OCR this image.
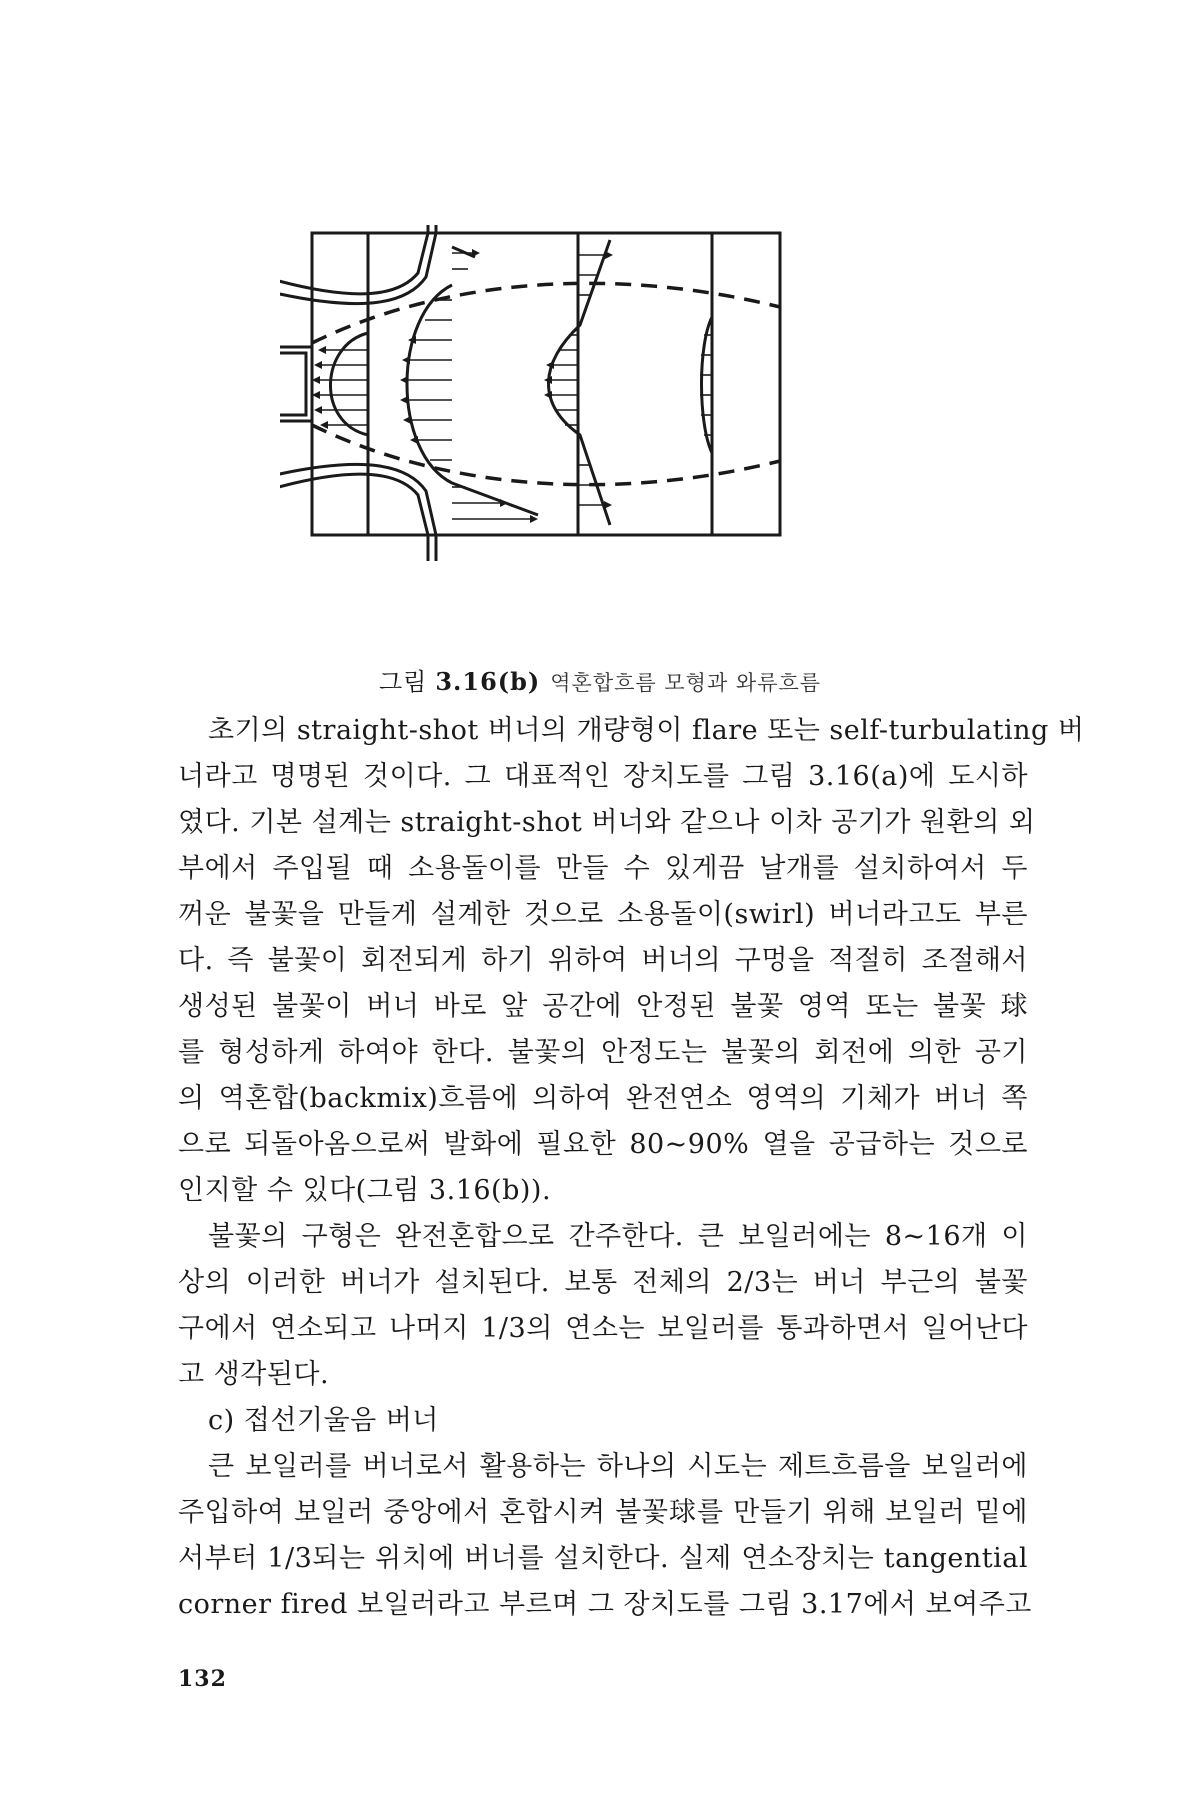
그림 3.16(b) 역혼합흐름 모형과 와류흐름
초기의 straight-shot 버너의 개량형이 flare 또는 self-turbulating 버
너라고 명명된 것이다. 그 대표적인 장치도를 그림 3.16(a)에 도시하
였다. 기본 설계는 straight-shot 버너와 같으나 이차 공기가 원환의 외
부에서 주입될 때 소용돌이를 만들 수 있게끔 날개를 설치하여서 두
꺼운 불꽃을 만들게 설계한 것으로 소용돌이(swirl) 버너라고도 부른
다. 즉 불꽃이 회전되게 하기 위하여 버너의 구멍을 적절히 조절해서
생성된 불꽃이 버너 바로 앞 공간에 안정된 불꽃 영역 또는 불꽃 球
를 형성하게 하여야 한다. 불꽃의 안정도는 불꽃의 회전에 의한 공기
의 역혼합(backmix)흐름에 의하여 완전연소 영역의 기체가 버너 쪽
으로 되돌아옴으로써 발화에 필요한 80~90% 열을 공급하는 것으로
인지할 수 있다(그림 3.16(b)).
불꽃의 구형은 완전혼합으로 간주한다. 큰 보일러에는 8~16개 이
상의 이러한 버너가 설치된다. 보통 전체의 2/3는 버너 부근의 불꽃
구에서 연소되고 나머지 1/3의 연소는 보일러를 통과하면서 일어난다
고 생각된다.
c) 접선기울음 버너
큰 보일러를 버너로서 활용하는 하나의 시도는 제트흐름을 보일러에
주입하여 보일러 중앙에서 혼합시켜 불꽃球를 만들기 위해 보일러 밑에
서부터 1/3되는 위치에 버너를 설치한다. 실제 연소장치는 tangential
corner fired 보일러라고 부르며 그 장치도를 그림 3.17에서 보여주고
132
